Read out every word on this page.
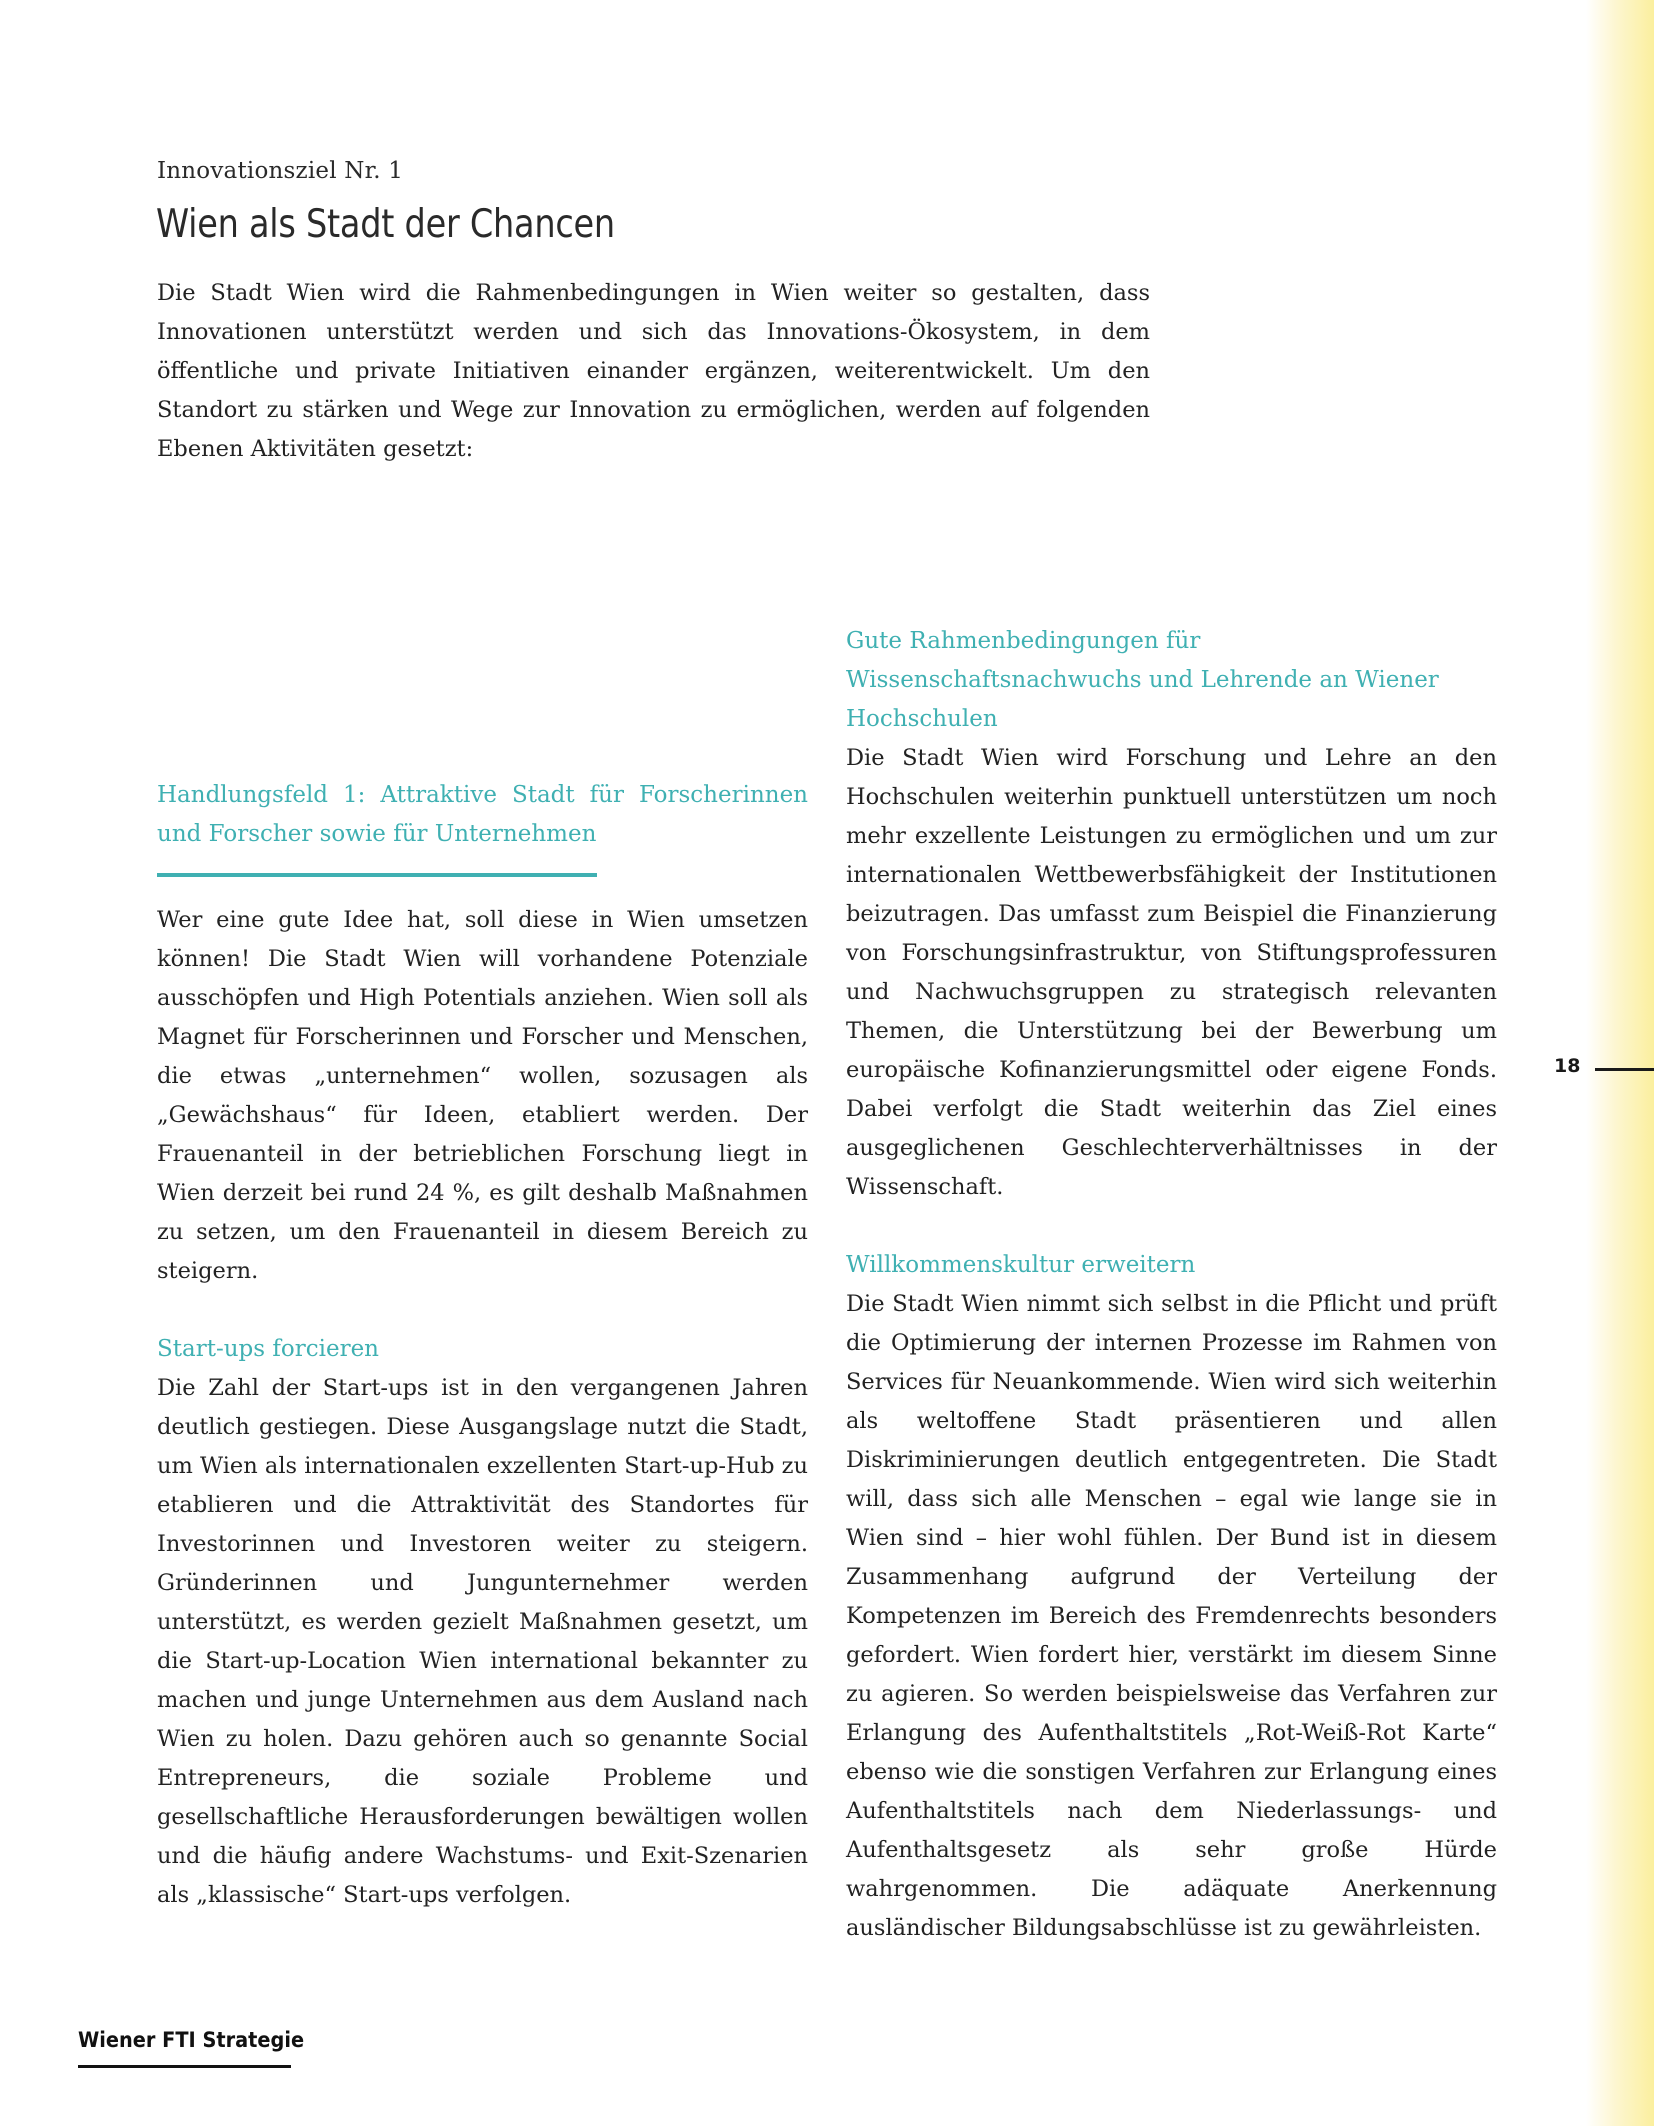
Innovationsziel Nr. 1
Wien als Stadt der Chancen

Die Stadt Wien wird die Rahmenbedingungen in Wien weiter so gestalten, dass Innovationen unterstützt werden und sich das Innovations-Ökosystem, in dem öffentliche und private Initiativen einander ergänzen, weiterentwickelt. Um den Standort zu stärken und Wege zur Innovation zu ermöglichen, werden auf folgenden Ebenen Aktivitäten gesetzt:

Handlungsfeld 1: Attraktive Stadt für Forscherinnen und Forscher sowie für Unternehmen

Wer eine gute Idee hat, soll diese in Wien umsetzen können! Die Stadt Wien will vorhandene Potenziale ausschöpfen und High Potentials anziehen. Wien soll als Magnet für Forscherinnen und Forscher und Menschen, die etwas „unternehmen“ wollen, sozusagen als „Gewächshaus“ für Ideen, etabliert werden. Der Frauenanteil in der betrieblichen Forschung liegt in Wien derzeit bei rund 24 %, es gilt deshalb Maßnahmen zu setzen, um den Frauenanteil in diesem Bereich zu steigern.

Start-ups forcieren

Die Zahl der Start-ups ist in den vergangenen Jahren deutlich gestiegen. Diese Ausgangslage nutzt die Stadt, um Wien als internationalen exzellenten Start-up-Hub zu etablieren und die Attraktivität des Standortes für Investorinnen und Investoren weiter zu steigern. Gründerinnen und Jungunternehmer werden unterstützt, es werden gezielt Maßnahmen gesetzt, um die Start-up-Location Wien international bekannter zu machen und junge Unternehmen aus dem Ausland nach Wien zu holen. Dazu gehören auch so genannte Social Entrepreneurs, die soziale Probleme und gesellschaftliche Herausforderungen bewältigen wollen und die häufig andere Wachstums- und Exit-Szenarien als „klassische“ Start-ups verfolgen.

Gute Rahmenbedingungen für Wissenschaftsnachwuchs und Lehrende an Wiener Hochschulen

Die Stadt Wien wird Forschung und Lehre an den Hochschulen weiterhin punktuell unterstützen um noch mehr exzellente Leistungen zu ermöglichen und um zur internationalen Wettbewerbsfähigkeit der Institutionen beizutragen. Das umfasst zum Beispiel die Finanzierung von Forschungsinfrastruktur, von Stiftungsprofessuren und Nachwuchsgruppen zu strategisch relevanten Themen, die Unterstützung bei der Bewerbung um europäische Kofinanzierungsmittel oder eigene Fonds. Dabei verfolgt die Stadt weiterhin das Ziel eines ausgeglichenen Geschlechterverhältnisses in der Wissenschaft.

Willkommenskultur erweitern

Die Stadt Wien nimmt sich selbst in die Pflicht und prüft die Optimierung der internen Prozesse im Rahmen von Services für Neuankommende. Wien wird sich weiterhin als weltoffene Stadt präsentieren und allen Diskriminierungen deutlich entgegentreten. Die Stadt will, dass sich alle Menschen – egal wie lange sie in Wien sind – hier wohl fühlen. Der Bund ist in diesem Zusammenhang aufgrund der Verteilung der Kompetenzen im Bereich des Fremdenrechts besonders gefordert. Wien fordert hier, verstärkt im diesem Sinne zu agieren. So werden beispielsweise das Verfahren zur Erlangung des Aufenthaltstitels „Rot-Weiß-Rot Karte“ ebenso wie die sonstigen Verfahren zur Erlangung eines Aufenthaltstitels nach dem Niederlassungs- und Aufenthaltsgesetz als sehr große Hürde wahrgenommen. Die adäquate Anerkennung ausländischer Bildungsabschlüsse ist zu gewährleisten.

18
Wiener FTI Strategie
